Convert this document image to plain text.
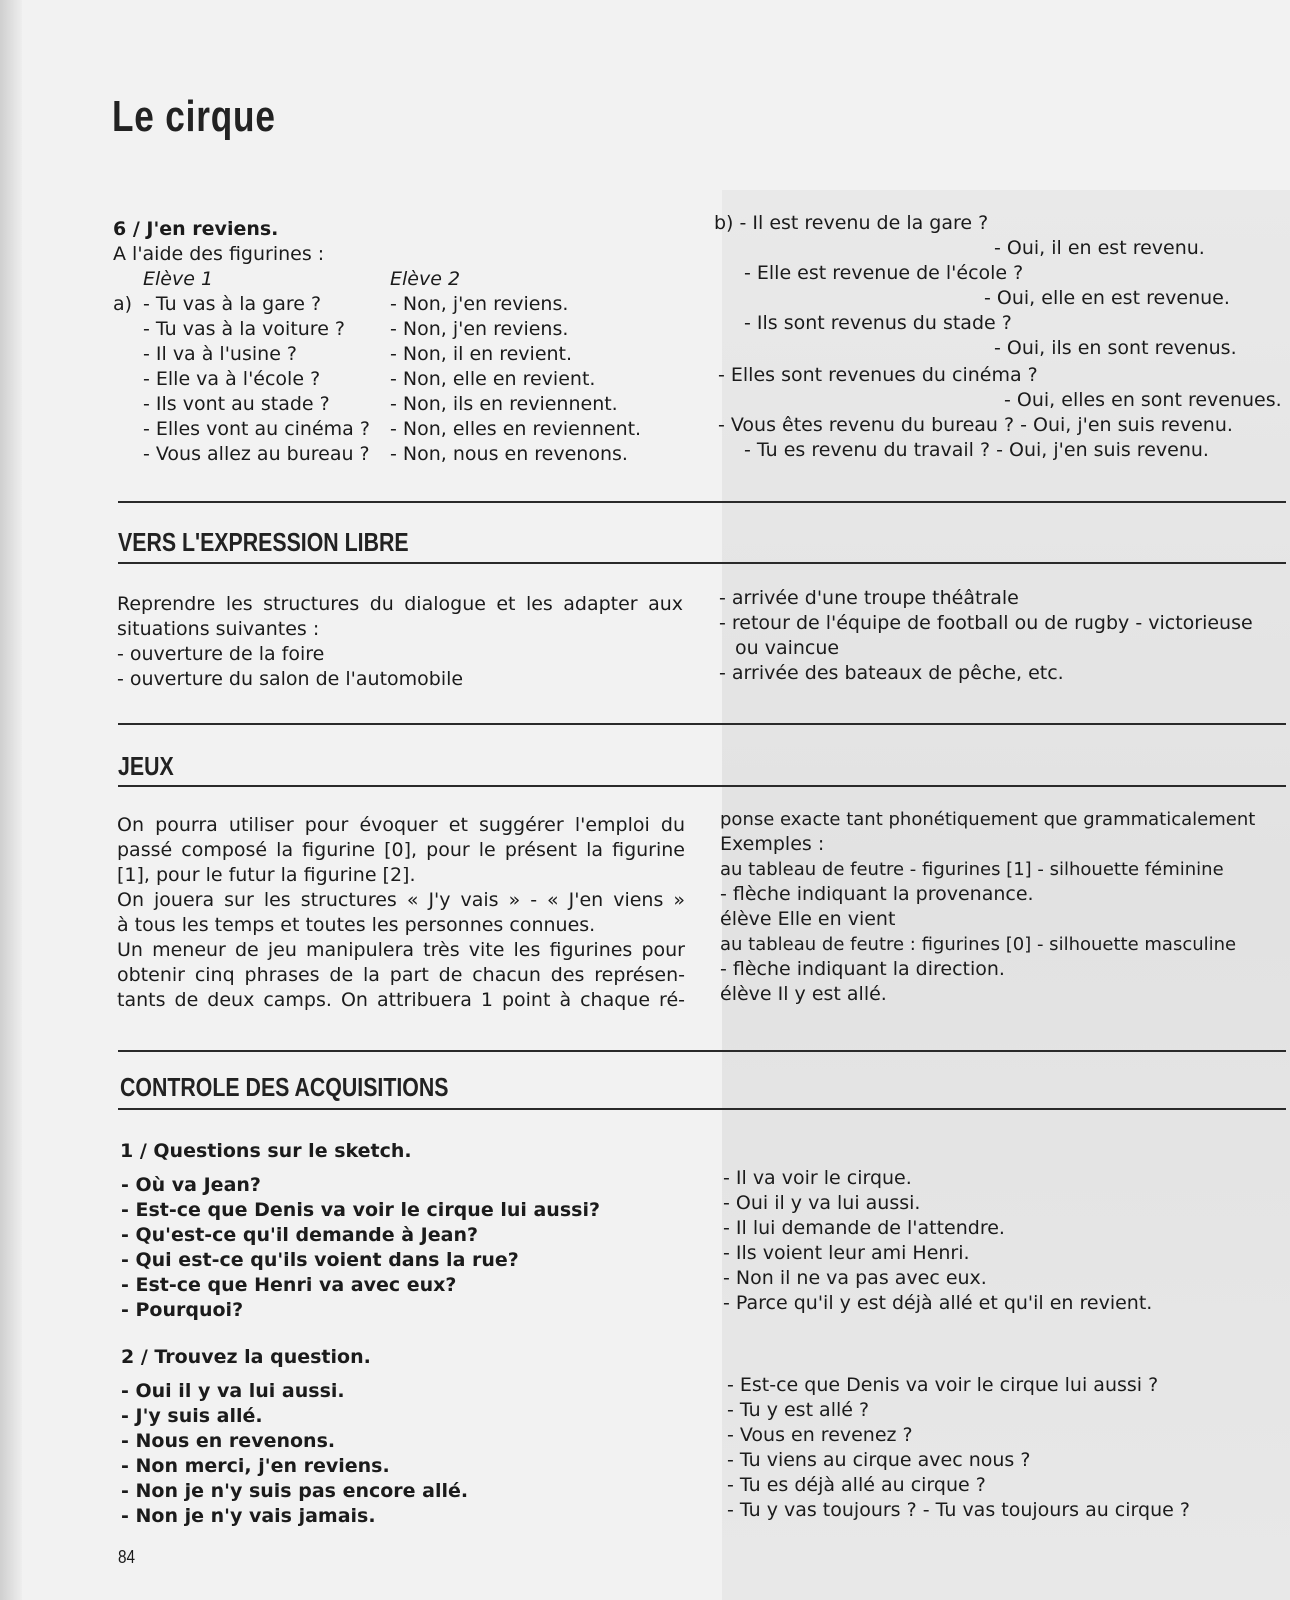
Le cirque
6 / J'en reviens.
A l'aide des figurines :
Elève 1	Elève 2
a) - Tu vas à la gare ?
- Tu vas à la voiture ?
- Il va à l'usine ?
- Elle va à l'école ?
- Ils vont au stade ?
- Elles vont au cinéma ?
- Vous allez au bureau ?
- Non, j'en reviens.
- Non, j'en reviens.
- Non, il en revient.
- Non, elle en revient.
- Non, ils en reviennent.
- Non, elles en reviennent.
- Non, nous en revenons.
b) - Il est revenu de la gare ?
- Oui, il en est revenu.
- Elle est revenue de l'école ?
- Oui, elle en est revenue.
- Ils sont revenus du stade ?
- Oui, ils en sont revenus.
- Elles sont revenues du cinéma ?
- Oui, elles en sont revenues.
- Vous êtes revenu du bureau ? - Oui, j'en suis revenu.
- Tu es revenu du travail ? - Oui, j'en suis revenu.
VERS L'EXPRESSION LIBRE
Reprendre les structures du dialogue et les adapter aux
situations suivantes :
- ouverture de la foire
- ouverture du salon de l'automobile
- arrivée d'une troupe théâtrale
- retour de l'équipe de football ou de rugby - victorieuse
ou vaincue
- arrivée des bateaux de pêche, etc.
JEUX
On pourra utiliser pour évoquer et suggérer l'emploi du
passé composé la figurine [0], pour le présent la figurine
[1], pour le futur la figurine [2].
On jouera sur les structures « J'y vais » - « J'en viens »
à tous les temps et toutes les personnes connues.
Un meneur de jeu manipulera très vite les figurines pour
obtenir cinq phrases de la part de chacun des représen-
tants de deux camps. On attribuera 1 point à chaque ré-
ponse exacte tant phonétiquement que grammaticalement
Exemples :
au tableau de feutre - figurines [1] - silhouette féminine
- flèche indiquant la provenance.
élève Elle en vient
au tableau de feutre : figurines [0] - silhouette masculine
- flèche indiquant la direction.
élève Il y est allé.
CONTROLE DES ACQUISITIONS
1 / Questions sur le sketch.
- Où va Jean?
- Est-ce que Denis va voir le cirque lui aussi?
- Qu'est-ce qu'il demande à Jean?
- Qui est-ce qu'ils voient dans la rue?
- Est-ce que Henri va avec eux?
- Pourquoi?
- Il va voir le cirque.
- Oui il y va lui aussi.
- Il lui demande de l'attendre.
- Ils voient leur ami Henri.
- Non il ne va pas avec eux.
- Parce qu'il y est déjà allé et qu'il en revient.
2 / Trouvez la question.
- Oui il y va lui aussi.
- J'y suis allé.
- Nous en revenons.
- Non merci, j'en reviens.
- Non je n'y suis pas encore allé.
- Non je n'y vais jamais.
- Est-ce que Denis va voir le cirque lui aussi ?
- Tu y est allé ?
- Vous en revenez ?
- Tu viens au cirque avec nous ?
- Tu es déjà allé au cirque ?
- Tu y vas toujours ? - Tu vas toujours au cirque ?
84
